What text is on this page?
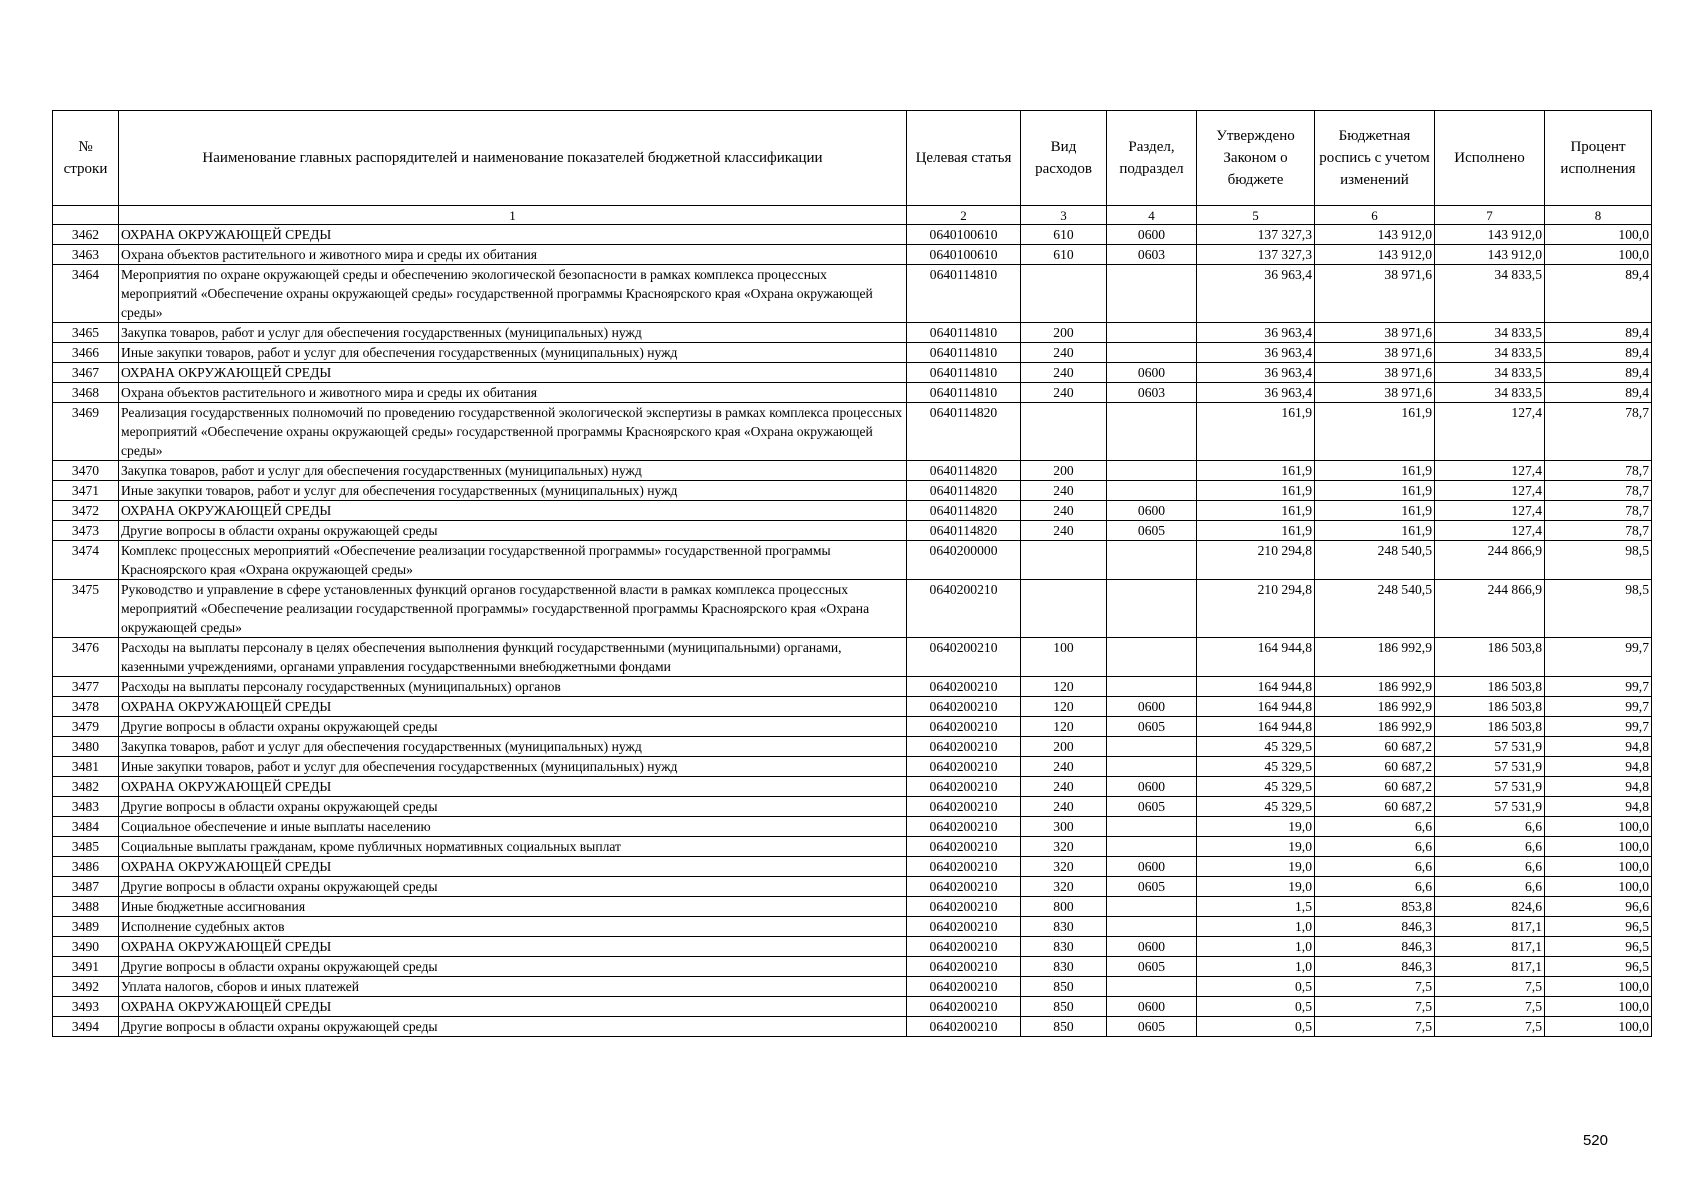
№ строки	Наименование главных распорядителей и наименование показателей бюджетной классификации	Целевая статья	Вид расходов	Раздел, подраздел	Утверждено Законом о бюджете	Бюджетная роспись с учетом изменений	Исполнено	Процент исполнения
	1	2	3	4	5	6	7	8
3462	ОХРАНА ОКРУЖАЮЩЕЙ СРЕДЫ	0640100610	610	0600	137 327,3	143 912,0	143 912,0	100,0
3463	Охрана объектов растительного и животного мира и среды их обитания	0640100610	610	0603	137 327,3	143 912,0	143 912,0	100,0
3464	Мероприятия по охране окружающей среды и обеспечению экологической безопасности в рамках комплекса процессных мероприятий «Обеспечение охраны окружающей среды» государственной программы Красноярского края «Охрана окружающей среды»	0640114810			36 963,4	38 971,6	34 833,5	89,4
3465	Закупка товаров, работ и услуг для обеспечения государственных (муниципальных) нужд	0640114810	200		36 963,4	38 971,6	34 833,5	89,4
3466	Иные закупки товаров, работ и услуг для обеспечения государственных (муниципальных) нужд	0640114810	240		36 963,4	38 971,6	34 833,5	89,4
3467	ОХРАНА ОКРУЖАЮЩЕЙ СРЕДЫ	0640114810	240	0600	36 963,4	38 971,6	34 833,5	89,4
3468	Охрана объектов растительного и животного мира и среды их обитания	0640114810	240	0603	36 963,4	38 971,6	34 833,5	89,4
3469	Реализация государственных полномочий по проведению государственной экологической экспертизы в рамках комплекса процессных мероприятий «Обеспечение охраны окружающей среды» государственной программы Красноярского края «Охрана окружающей среды»	0640114820			161,9	161,9	127,4	78,7
3470	Закупка товаров, работ и услуг для обеспечения государственных (муниципальных) нужд	0640114820	200		161,9	161,9	127,4	78,7
3471	Иные закупки товаров, работ и услуг для обеспечения государственных (муниципальных) нужд	0640114820	240		161,9	161,9	127,4	78,7
3472	ОХРАНА ОКРУЖАЮЩЕЙ СРЕДЫ	0640114820	240	0600	161,9	161,9	127,4	78,7
3473	Другие вопросы в области охраны окружающей среды	0640114820	240	0605	161,9	161,9	127,4	78,7
3474	Комплекс процессных мероприятий «Обеспечение реализации государственной программы» государственной программы Красноярского края «Охрана окружающей среды»	0640200000			210 294,8	248 540,5	244 866,9	98,5
3475	Руководство и управление в сфере установленных функций органов государственной власти в рамках комплекса процессных мероприятий «Обеспечение реализации государственной программы» государственной программы Красноярского края «Охрана окружающей среды»	0640200210			210 294,8	248 540,5	244 866,9	98,5
3476	Расходы на выплаты персоналу в целях обеспечения выполнения функций государственными (муниципальными) органами, казенными учреждениями, органами управления государственными внебюджетными фондами	0640200210	100		164 944,8	186 992,9	186 503,8	99,7
3477	Расходы на выплаты персоналу государственных (муниципальных) органов	0640200210	120		164 944,8	186 992,9	186 503,8	99,7
3478	ОХРАНА ОКРУЖАЮЩЕЙ СРЕДЫ	0640200210	120	0600	164 944,8	186 992,9	186 503,8	99,7
3479	Другие вопросы в области охраны окружающей среды	0640200210	120	0605	164 944,8	186 992,9	186 503,8	99,7
3480	Закупка товаров, работ и услуг для обеспечения государственных (муниципальных) нужд	0640200210	200		45 329,5	60 687,2	57 531,9	94,8
3481	Иные закупки товаров, работ и услуг для обеспечения государственных (муниципальных) нужд	0640200210	240		45 329,5	60 687,2	57 531,9	94,8
3482	ОХРАНА ОКРУЖАЮЩЕЙ СРЕДЫ	0640200210	240	0600	45 329,5	60 687,2	57 531,9	94,8
3483	Другие вопросы в области охраны окружающей среды	0640200210	240	0605	45 329,5	60 687,2	57 531,9	94,8
3484	Социальное обеспечение и иные выплаты населению	0640200210	300		19,0	6,6	6,6	100,0
3485	Социальные выплаты гражданам, кроме публичных нормативных социальных выплат	0640200210	320		19,0	6,6	6,6	100,0
3486	ОХРАНА ОКРУЖАЮЩЕЙ СРЕДЫ	0640200210	320	0600	19,0	6,6	6,6	100,0
3487	Другие вопросы в области охраны окружающей среды	0640200210	320	0605	19,0	6,6	6,6	100,0
3488	Иные бюджетные ассигнования	0640200210	800		1,5	853,8	824,6	96,6
3489	Исполнение судебных актов	0640200210	830		1,0	846,3	817,1	96,5
3490	ОХРАНА ОКРУЖАЮЩЕЙ СРЕДЫ	0640200210	830	0600	1,0	846,3	817,1	96,5
3491	Другие вопросы в области охраны окружающей среды	0640200210	830	0605	1,0	846,3	817,1	96,5
3492	Уплата налогов, сборов и иных платежей	0640200210	850		0,5	7,5	7,5	100,0
3493	ОХРАНА ОКРУЖАЮЩЕЙ СРЕДЫ	0640200210	850	0600	0,5	7,5	7,5	100,0
3494	Другие вопросы в области охраны окружающей среды	0640200210	850	0605	0,5	7,5	7,5	100,0
520
